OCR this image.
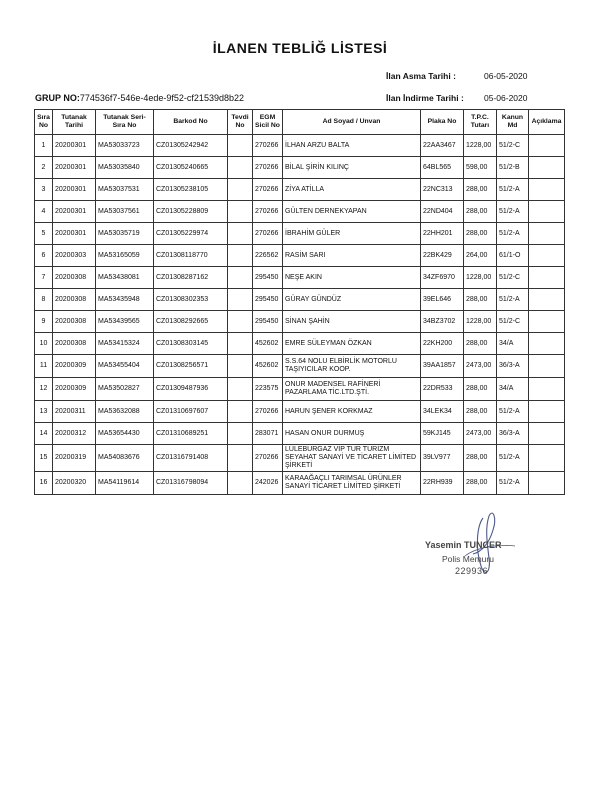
İLANEN TEBLİĞ LİSTESİ
İlan Asma Tarihi :	06-05-2020
İlan İndirme Tarihi : 05-06-2020
GRUP NO:774536f7-546e-4ede-9f52-cf21539d8b22
Sıra No	Tutanak Tarihi	Tutanak Seri-Sıra No	Barkod No	Tevdi No	EGM Sicil No	Ad Soyad / Unvan	Plaka No	T.P.C. Tutarı	Kanun Md	Açıklama
1	20200301	MA53033723	CZ01305242942		270266	İLHAN ARZU BALTA	22AA3467	1228,00	51/2-C	
2	20200301	MA53035840	CZ01305240665		270266	BİLAL ŞİRİN KILINÇ	64BL565	598,00	51/2-B	
3	20200301	MA53037531	CZ01305238105		270266	ZİYA ATİLLA	22NC313	288,00	51/2-A	
4	20200301	MA53037561	CZ01305228809		270266	GÜLTEN DERNEKYAPAN	22ND404	288,00	51/2-A	
5	20200301	MA53035719	CZ01305229974		270266	İBRAHİM GÜLER	22HH201	288,00	51/2-A	
6	20200303	MA53165059	CZ01308118770		226562	RASİM SARI	22BK429	264,00	61/1-O	
7	20200308	MA53438081	CZ01308287162		295450	NEŞE AKIN	34ZF6970	1228,00	51/2-C	
8	20200308	MA53435948	CZ01308302353		295450	GÜRAY GÜNDÜZ	39EL646	288,00	51/2-A	
9	20200308	MA53439565	CZ01308292665		295450	SİNAN ŞAHİN	34BZ3702	1228,00	51/2-C	
10	20200308	MA53415324	CZ01308303145		452602	EMRE SÜLEYMAN ÖZKAN	22KH200	288,00	34/A	
11	20200309	MA53455404	CZ01308256571		452602	S.S.64 NOLU ELBİRLİK MOTORLU TAŞIYICILAR KOOP.	39AA1857	2473,00	36/3-A	
12	20200309	MA53502827	CZ01309487936		223575	ONUR MADENSEL RAFİNERİ PAZARLAMA TİC.LTD.ŞTİ.	22DR533	288,00	34/A	
13	20200311	MA53632088	CZ01310697607		270266	HARUN ŞENER KORKMAZ	34LEK34	288,00	51/2-A	
14	20200312	MA53654430	CZ01310689251		283071	HASAN ONUR DURMUŞ	59KJ145	2473,00	36/3-A	
15	20200319	MA54083676	CZ01316791408		270266	LÜLEBURGAZ VİP TUR TURİZM SEYAHAT SANAYİ VE TİCARET LİMİTED ŞİRKETİ	39LV977	288,00	51/2-A	
16	20200320	MA54119614	CZ01316798094		242026	KARAAĞAÇLI TARIMSAL ÜRÜNLER SANAYİ TİCARET LİMİTED ŞİRKETİ	22RH939	288,00	51/2-A	
Yasemin TUNCER
Polis Memuru
229936
